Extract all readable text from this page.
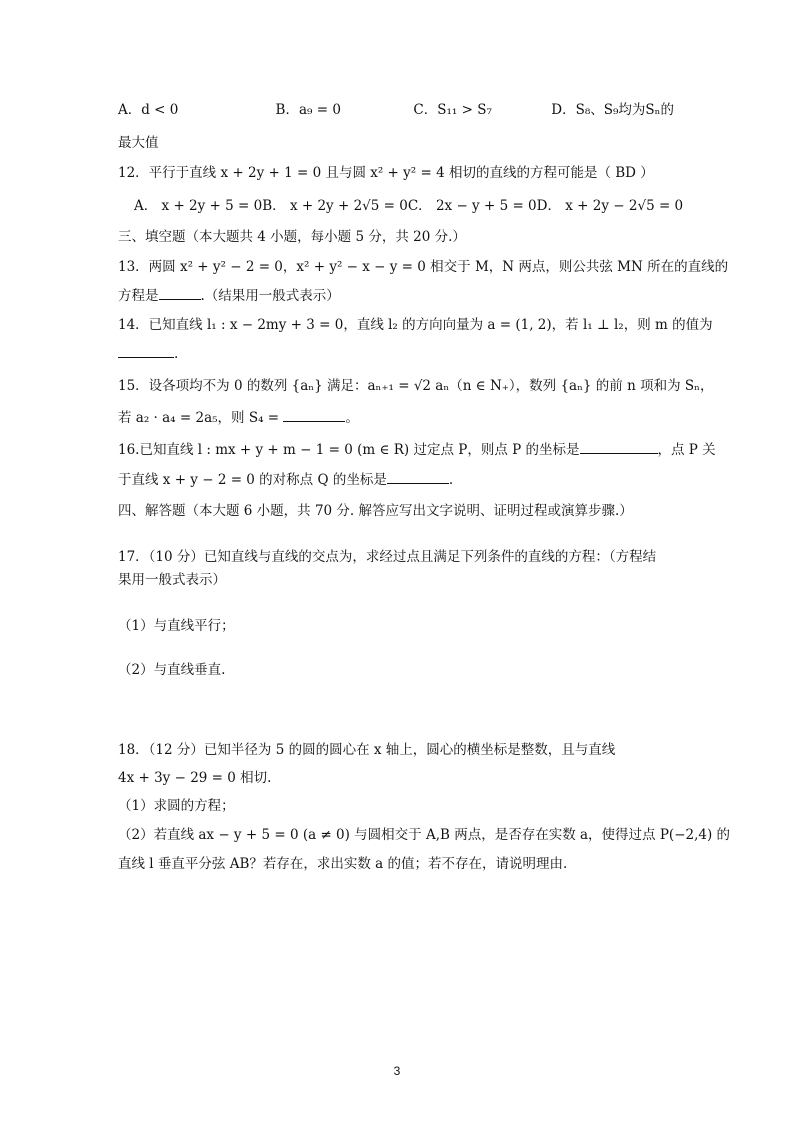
A．d < 0	B．a₉ = 0	C．S₁₁ > S₇	D．S₈、S₉均为Sₙ的
最大值
12．平行于直线 x + 2y + 1 = 0 且与圆 x² + y² = 4 相切的直线的方程可能是（ BD ）
A． x + 2y + 5 = 0 B． x + 2y + 2√5 = 0 C． 2x − y + 5 = 0 D． x + 2y − 2√5 = 0
三、填空题（本大题共 4 小题，每小题 5 分，共 20 分.）
13．两圆 x² + y² − 2 = 0，x² + y² − x − y = 0 相交于 M，N 两点，则公共弦 MN 所在的直线的
方程是	.（结果用一般式表示）
14．已知直线 l₁ : x − 2my + 3 = 0，直线 l₂ 的方向向量为 a = (1, 2)，若 l₁ ⊥ l₂，则 m 的值为
.
15．设各项均不为 0 的数列 {aₙ} 满足：aₙ₊₁ = √2 aₙ（n ∈ N₊），数列 {aₙ} 的前 n 项和为 Sₙ，
若 a₂ · a₄ = 2a₅，则 S₄ =	。
16.已知直线 l : mx + y + m − 1 = 0 (m ∈ R) 过定点 P，则点 P 的坐标是	，点 P 关
于直线 x + y − 2 = 0 的对称点 Q 的坐标是	.
四、解答题（本大题 6 小题，共 70 分. 解答应写出文字说明、证明过程或演算步骤.）
17．（10 分）已知直线与直线的交点为，求经过点且满足下列条件的直线的方程：（方程结
果用一般式表示）
（1）与直线平行；
（2）与直线垂直.
18．（12 分）已知半径为 5 的圆的圆心在 x 轴上，圆心的横坐标是整数，且与直线
4x + 3y − 29 = 0 相切.
（1）求圆的方程；
（2）若直线 ax − y + 5 = 0 (a ≠ 0) 与圆相交于 A,B 两点，是否存在实数 a，使得过点 P(−2,4) 的
直线 l 垂直平分弦 AB？若存在，求出实数 a 的值；若不存在，请说明理由.
3
